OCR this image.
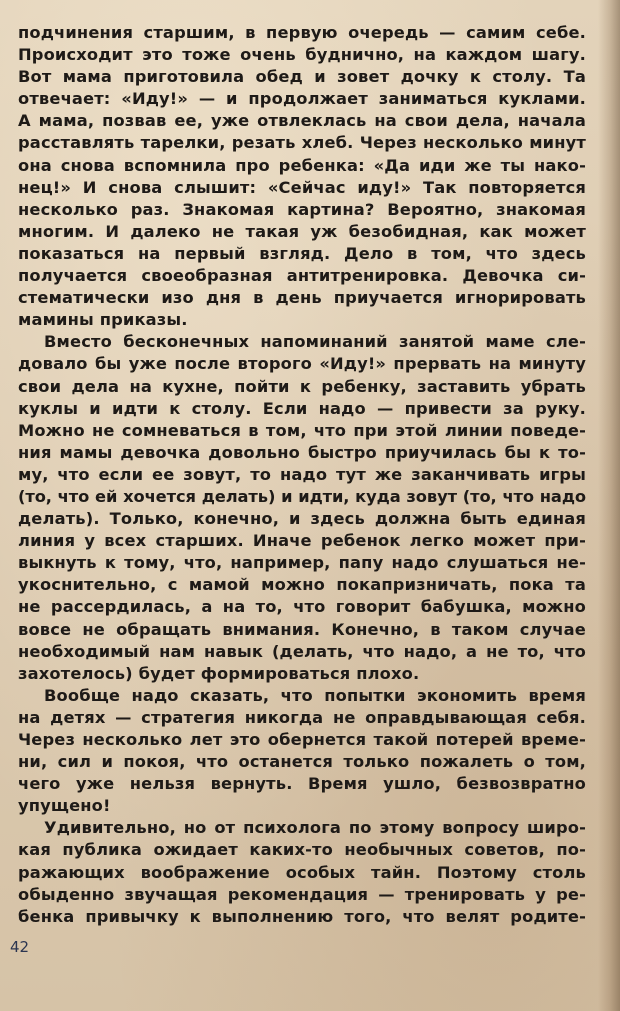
подчинения старшим, в первую очередь — самим себе.
Происходит это тоже очень буднично, на каждом шагу.
Вот мама приготовила обед и зовет дочку к столу. Та
отвечает: «Иду!» — и продолжает заниматься куклами.
А мама, позвав ее, уже отвлеклась на свои дела, начала
расставлять тарелки, резать хлеб. Через несколько минут
она снова вспомнила про ребенка: «Да иди же ты нако-
нец!» И снова слышит: «Сейчас иду!» Так повторяется
несколько раз. Знакомая картина? Вероятно, знакомая
многим. И далеко не такая уж безобидная, как может
показаться на первый взгляд. Дело в том, что здесь
получается своеобразная антитренировка. Девочка си-
стематически изо дня в день приучается игнорировать
мамины приказы.

Вместо бесконечных напоминаний занятой маме сле-
довало бы уже после второго «Иду!» прервать на минуту
свои дела на кухне, пойти к ребенку, заставить убрать
куклы и идти к столу. Если надо — привести за руку.
Можно не сомневаться в том, что при этой линии поведе-
ния мамы девочка довольно быстро приучилась бы к то-
му, что если ее зовут, то надо тут же заканчивать игры
(то, что ей хочется делать) и идти, куда зовут (то, что надо
делать). Только, конечно, и здесь должна быть единая
линия у всех старших. Иначе ребенок легко может при-
выкнуть к тому, что, например, папу надо слушаться не-
укоснительно, с мамой можно покапризничать, пока та
не рассердилась, а на то, что говорит бабушка, можно
вовсе не обращать внимания. Конечно, в таком случае
необходимый нам навык (делать, что надо, а не то, что
захотелось) будет формироваться плохо.

Вообще надо сказать, что попытки экономить время
на детях — стратегия никогда не оправдывающая себя.
Через несколько лет это обернется такой потерей време-
ни, сил и покоя, что останется только пожалеть о том,
чего уже нельзя вернуть. Время ушло, безвозвратно
упущено!

Удивительно, но от психолога по этому вопросу широ-
кая публика ожидает каких-то необычных советов, по-
ражающих воображение особых тайн. Поэтому столь
обыденно звучащая рекомендация — тренировать у ре-
бенка привычку к выполнению того, что велят родите-

42
